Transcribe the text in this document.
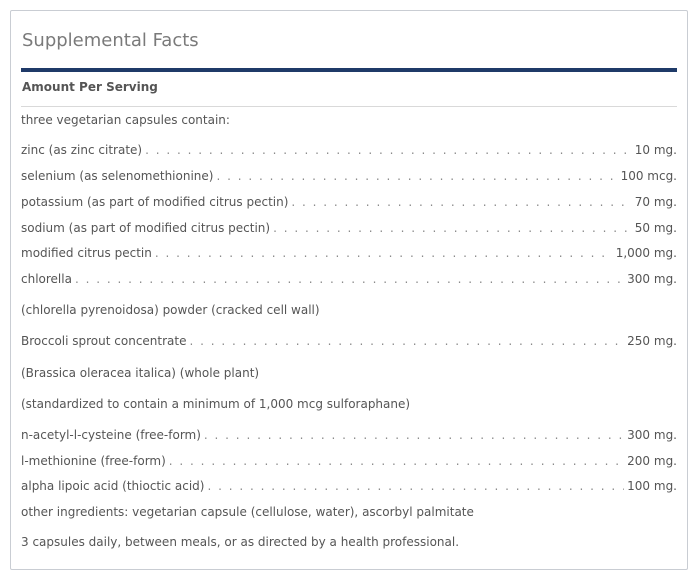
Supplemental Facts
Amount Per Serving
three vegetarian capsules contain:
zinc (as zinc citrate) . . .	10 mg.
selenium (as selenomethionine) . . .	100 mcg.
potassium (as part of modified citrus pectin) . . .	70 mg.
sodium (as part of modified citrus pectin) . . .	50 mg.
modified citrus pectin . . .	1,000 mg.
chlorella . . .	300 mg.
(chlorella pyrenoidosa) powder (cracked cell wall)
Broccoli sprout concentrate . . .	250 mg.
(Brassica oleracea italica) (whole plant)
(standardized to contain a minimum of 1,000 mcg sulforaphane)
n-acetyl-l-cysteine (free-form) . . .	300 mg.
l-methionine (free-form) . . .	200 mg.
alpha lipoic acid (thioctic acid) . . .	100 mg.
other ingredients: vegetarian capsule (cellulose, water), ascorbyl palmitate
3 capsules daily, between meals, or as directed by a health professional.
